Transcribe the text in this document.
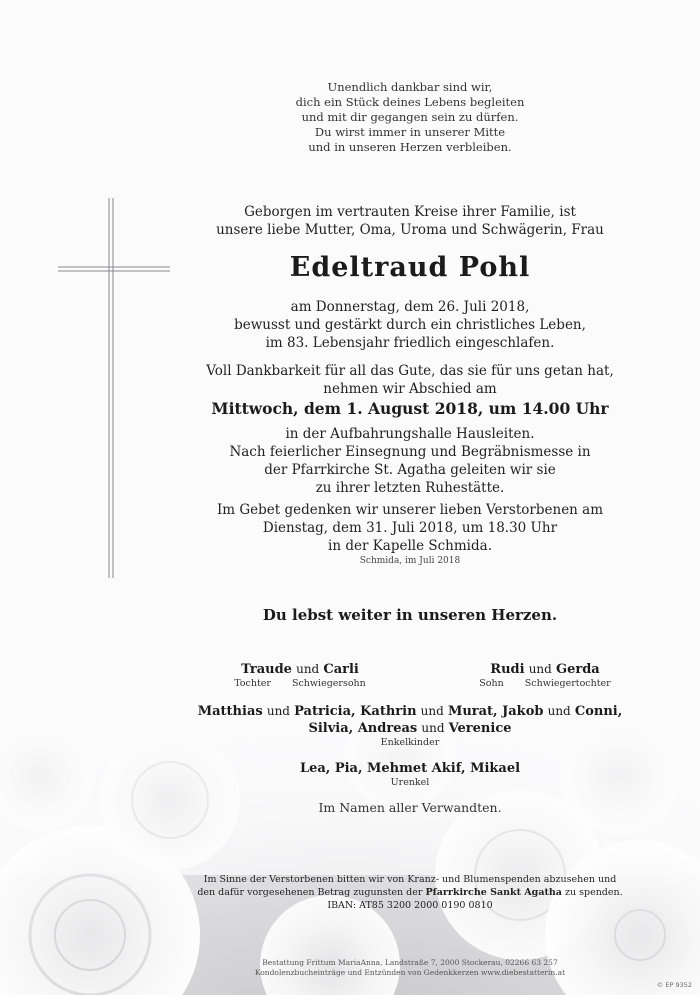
Unendlich dankbar sind wir,
dich ein Stück deines Lebens begleiten
und mit dir gegangen sein zu dürfen.
Du wirst immer in unserer Mitte
und in unseren Herzen verbleiben.
Geborgen im vertrauten Kreise ihrer Familie, ist
unsere liebe Mutter, Oma, Uroma und Schwägerin, Frau
Edeltraud Pohl
am Donnerstag, dem 26. Juli 2018,
bewusst und gestärkt durch ein christliches Leben,
im 83. Lebensjahr friedlich eingeschlafen.
Voll Dankbarkeit für all das Gute, das sie für uns getan hat,
nehmen wir Abschied am
Mittwoch, dem 1. August 2018, um 14.00 Uhr
in der Aufbahrungshalle Hausleiten.
Nach feierlicher Einsegnung und Begräbnismesse in
der Pfarrkirche St. Agatha geleiten wir sie
zu ihrer letzten Ruhestätte.
Im Gebet gedenken wir unserer lieben Verstorbenen am
Dienstag, dem 31. Juli 2018, um 18.30 Uhr
in der Kapelle Schmida.
Schmida, im Juli 2018
Du lebst weiter in unseren Herzen.
Traude und Carli
Tochter Schwiegersohn
Rudi und Gerda
Sohn Schwiegertochter
Matthias und Patricia, Kathrin und Murat, Jakob und Conni,
Silvia, Andreas und Verenice
Enkelkinder
Lea, Pia, Mehmet Akif, Mikael
Urenkel
Im Namen aller Verwandten.
Im Sinne der Verstorbenen bitten wir von Kranz- und Blumenspenden abzusehen und
den dafür vorgesehenen Betrag zugunsten der Pfarrkirche Sankt Agatha zu spenden.
IBAN: AT85 3200 2000 0190 0810
Bestattung Frittum MariaAnna, Landstraße 7, 2000 Stockerau, 02266 63 257
Kondolenzbucheinträge und Entzünden von Gedenkkerzen www.diebestatterin.at
© EP 9352
